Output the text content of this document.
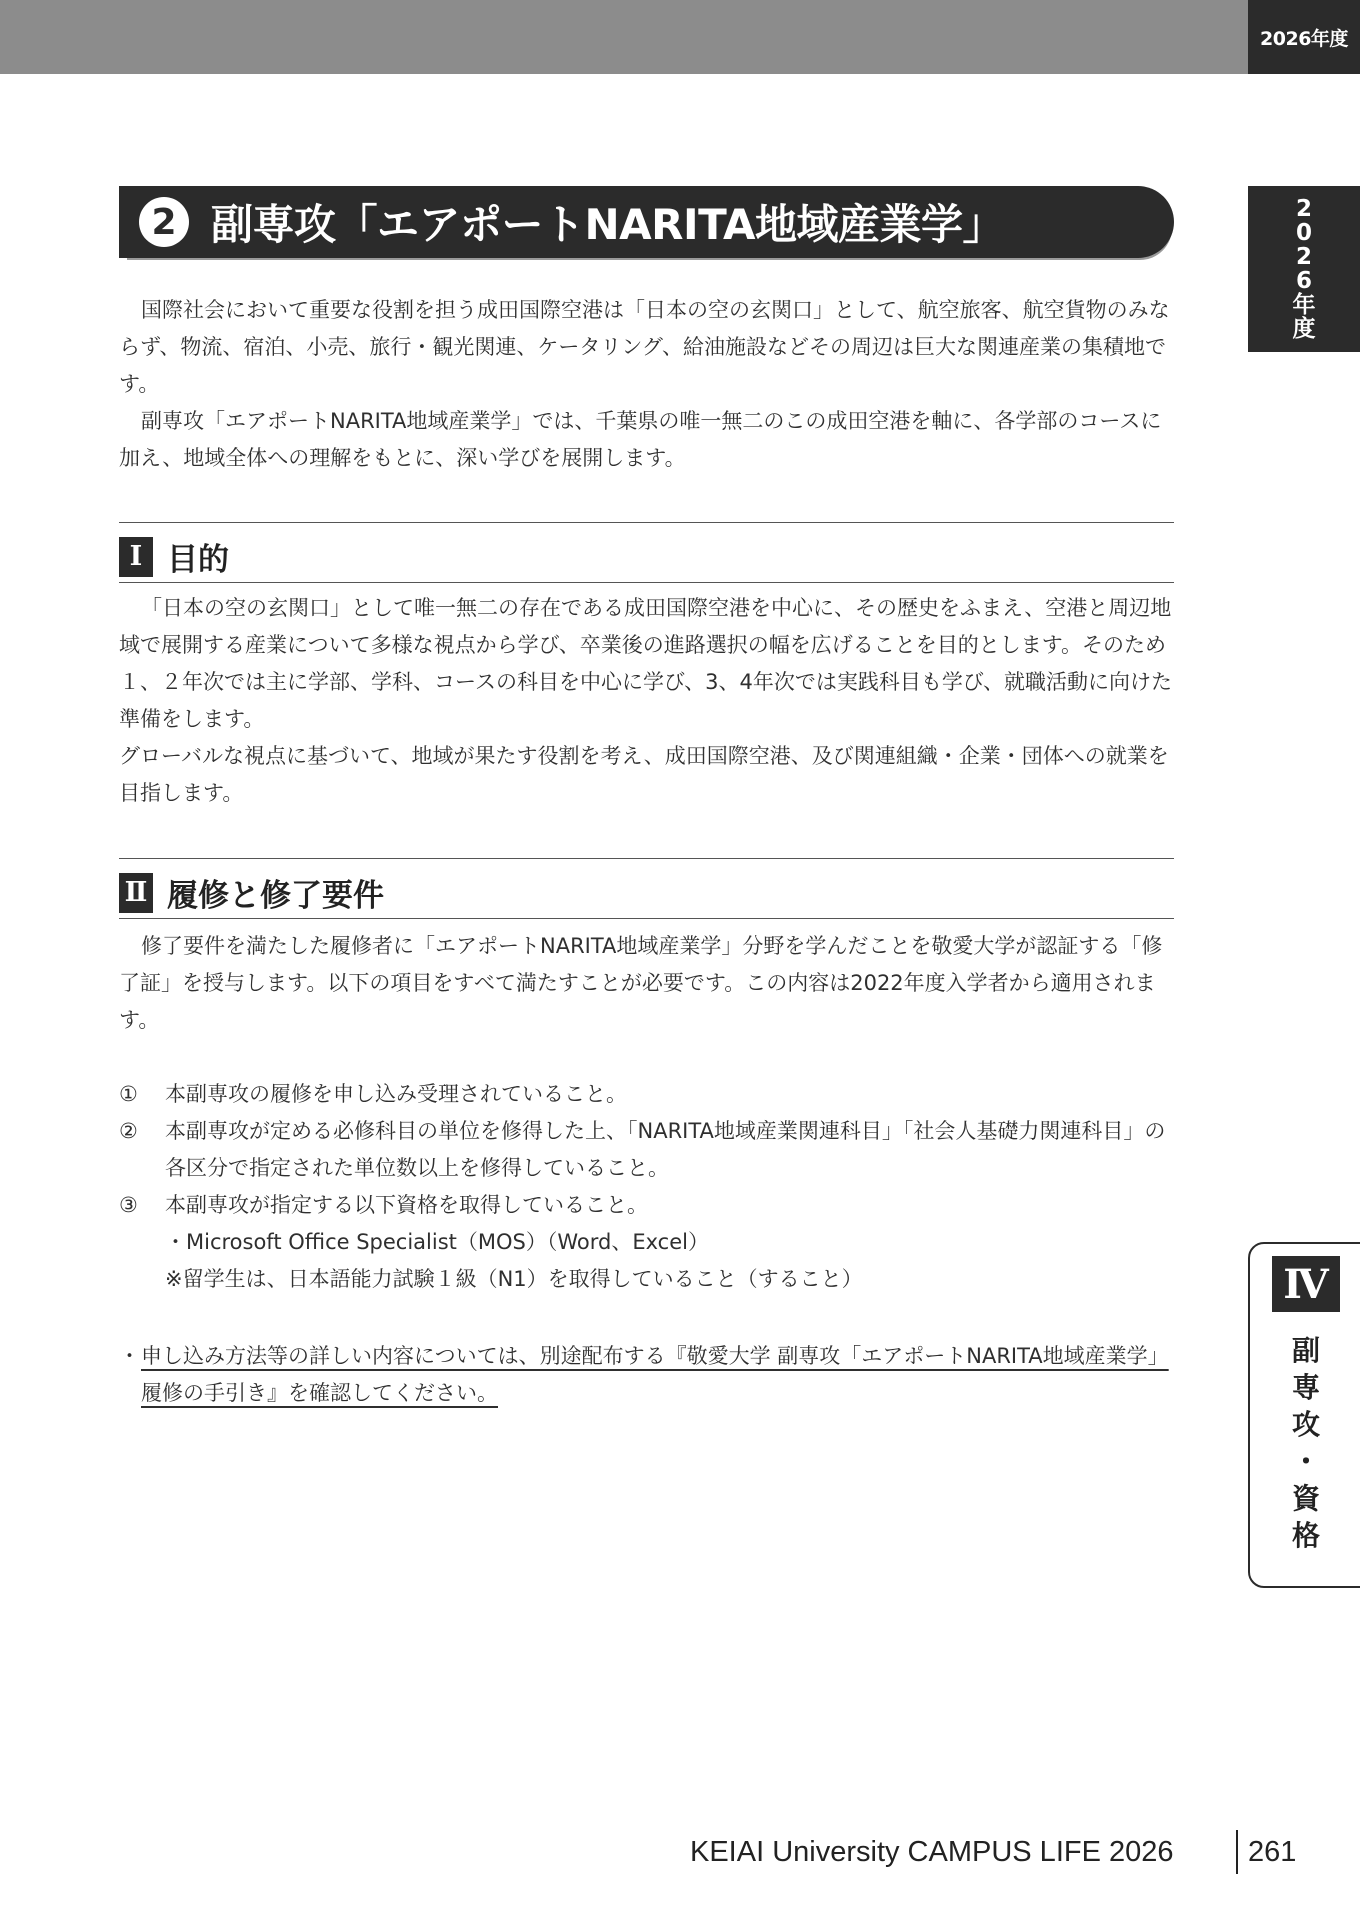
2026年度
2
0
2
6
年
度
Ⅳ
副
専
攻
・
資
格
2 副専攻「エアポートNARITA地域産業学」

国際社会において重要な役割を担う成田国際空港は「日本の空の玄関口」として、航空旅客、航空貨物のみならず、物流、宿泊、小売、旅行・観光関連、ケータリング、給油施設などその周辺は巨大な関連産業の集積地です。

副専攻「エアポートNARITA地域産業学」では、千葉県の唯一無二のこの成田空港を軸に、各学部のコースに加え、地域全体への理解をもとに、深い学びを展開します。

Ⅰ 目的

「日本の空の玄関口」として唯一無二の存在である成田国際空港を中心に、その歴史をふまえ、空港と周辺地域で展開する産業について多様な視点から学び、卒業後の進路選択の幅を広げることを目的とします。そのため１、２年次では主に学部、学科、コースの科目を中心に学び、3、4年次では実践科目も学び、就職活動に向けた準備をします。

グローバルな視点に基づいて、地域が果たす役割を考え、成田国際空港、及び関連組織・企業・団体への就業を目指します。

Ⅱ 履修と修了要件

修了要件を満たした履修者に「エアポートNARITA地域産業学」分野を学んだことを敬愛大学が認証する「修了証」を授与します。以下の項目をすべて満たすことが必要です。この内容は2022年度入学者から適用されます。

① 本副専攻の履修を申し込み受理されていること。
② 本副専攻が定める必修科目の単位を修得した上、「NARITA地域産業関連科目」「社会人基礎力関連科目」の各区分で指定された単位数以上を修得していること。
③ 本副専攻が指定する以下資格を取得していること。
・Microsoft Office Specialist（MOS）（Word、Excel）
※留学生は、日本語能力試験１級（N1）を取得していること（すること）
・ 申し込み方法等の詳しい内容については、別途配布する『敬愛大学 副専攻「エアポートNARITA地域産業学」履修の手引き』を確認してください。
KEIAI University CAMPUS LIFE 2026	261
